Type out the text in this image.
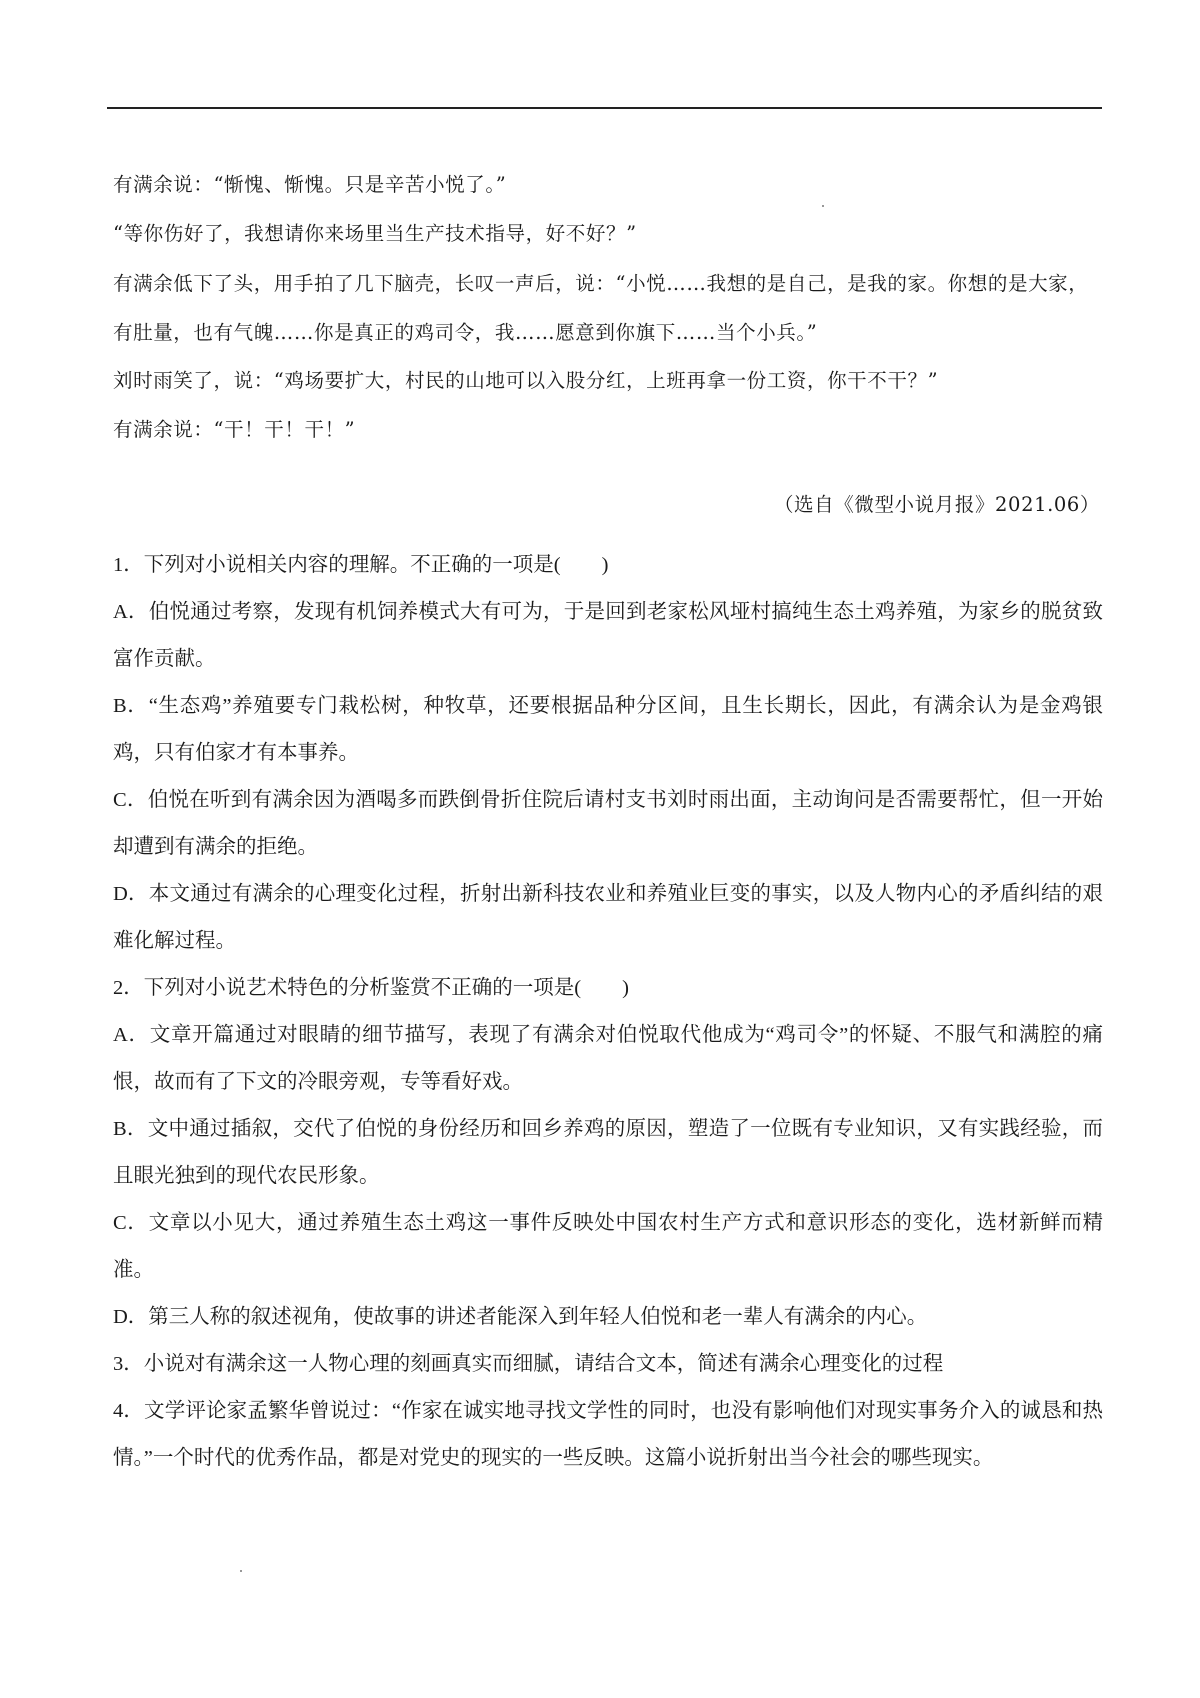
有满余说：“惭愧、惭愧。只是辛苦小悦了。”

“等你伤好了，我想请你来场里当生产技术指导，好不好？”

有满余低下了头，用手拍了几下脑壳，长叹一声后，说：“小悦……我想的是自己，是我的家。你想的是大家，有肚量，也有气魄……你是真正的鸡司令，我……愿意到你旗下……当个小兵。”

刘时雨笑了，说：“鸡场要扩大，村民的山地可以入股分红，上班再拿一份工资，你干不干？”

有满余说：“干！干！干！”

（选自《微型小说月报》2021.06）

1．下列对小说相关内容的理解。不正确的一项是(　　)

A．伯悦通过考察，发现有机饲养模式大有可为，于是回到老家松风垭村搞纯生态土鸡养殖，为家乡的脱贫致富作贡献。

B．“生态鸡”养殖要专门栽松树，种牧草，还要根据品种分区间，且生长期长，因此，有满余认为是金鸡银鸡，只有伯家才有本事养。

C．伯悦在听到有满余因为酒喝多而跌倒骨折住院后请村支书刘时雨出面，主动询问是否需要帮忙，但一开始却遭到有满余的拒绝。

D．本文通过有满余的心理变化过程，折射出新科技农业和养殖业巨变的事实，以及人物内心的矛盾纠结的艰难化解过程。

2．下列对小说艺术特色的分析鉴赏不正确的一项是(　　)

A．文章开篇通过对眼睛的细节描写，表现了有满余对伯悦取代他成为“鸡司令”的怀疑、不服气和满腔的痛恨，故而有了下文的冷眼旁观，专等看好戏。

B．文中通过插叙，交代了伯悦的身份经历和回乡养鸡的原因，塑造了一位既有专业知识，又有实践经验，而且眼光独到的现代农民形象。

C．文章以小见大，通过养殖生态土鸡这一事件反映处中国农村生产方式和意识形态的变化，选材新鲜而精准。

D．第三人称的叙述视角，使故事的讲述者能深入到年轻人伯悦和老一辈人有满余的内心。

3．小说对有满余这一人物心理的刻画真实而细腻，请结合文本，简述有满余心理变化的过程

4．文学评论家孟繁华曾说过：“作家在诚实地寻找文学性的同时，也没有影响他们对现实事务介入的诚恳和热情。”一个时代的优秀作品，都是对党史的现实的一些反映。这篇小说折射出当今社会的哪些现实。
